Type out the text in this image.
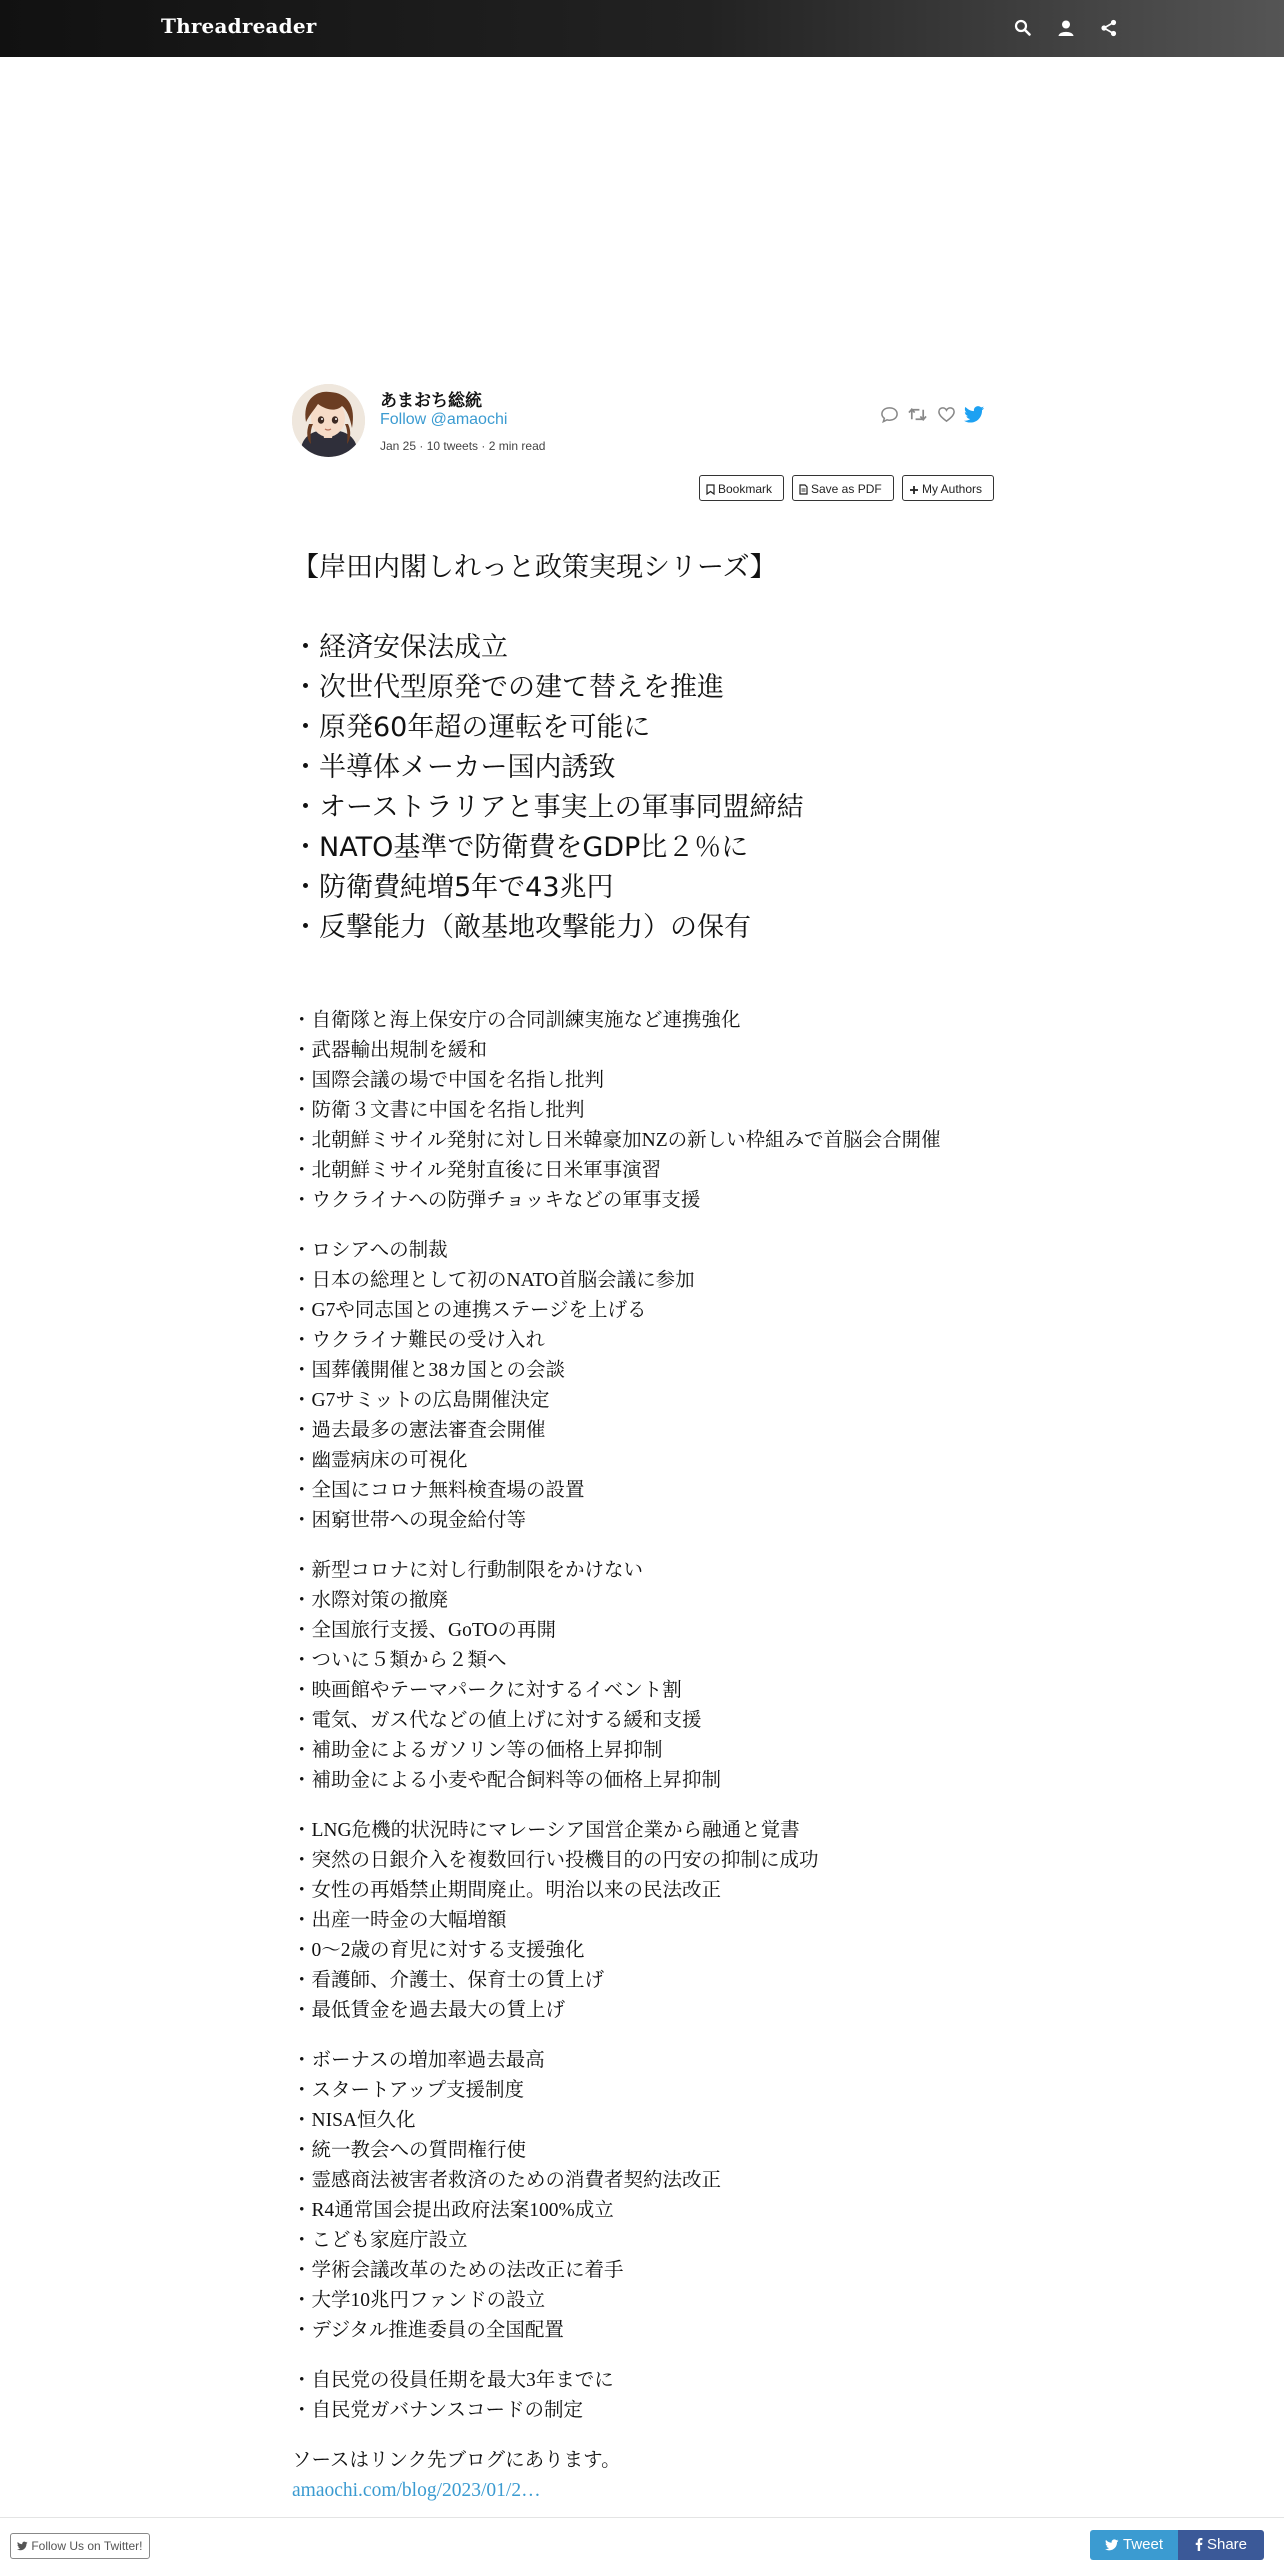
Threadreader
あまおち総統
Follow @amaochi
Jan 25 · 10 tweets · 2 min read

Bookmark	Save as PDF	My Authors
【岸田内閣しれっと政策実現シリーズ】
・経済安保法成立
・次世代型原発での建て替えを推進
・原発60年超の運転を可能に
・半導体メーカー国内誘致
・オーストラリアと事実上の軍事同盟締結
・NATO基準で防衛費をGDP比２％に
・防衛費純増5年で43兆円
・反撃能力（敵基地攻撃能力）の保有
・自衛隊と海上保安庁の合同訓練実施など連携強化
・武器輸出規制を緩和
・国際会議の場で中国を名指し批判
・防衛３文書に中国を名指し批判
・北朝鮮ミサイル発射に対し日米韓豪加NZの新しい枠組みで首脳会合開催
・北朝鮮ミサイル発射直後に日米軍事演習
・ウクライナへの防弾チョッキなどの軍事支援
・ロシアへの制裁
・日本の総理として初のNATO首脳会議に参加
・G7や同志国との連携ステージを上げる
・ウクライナ難民の受け入れ
・国葬儀開催と38カ国との会談
・G7サミットの広島開催決定
・過去最多の憲法審査会開催
・幽霊病床の可視化
・全国にコロナ無料検査場の設置
・困窮世帯への現金給付等
・新型コロナに対し行動制限をかけない
・水際対策の撤廃
・全国旅行支援、GoTOの再開
・ついに５類から２類へ
・映画館やテーマパークに対するイベント割
・電気、ガス代などの値上げに対する緩和支援
・補助金によるガソリン等の価格上昇抑制
・補助金による小麦や配合飼料等の価格上昇抑制
・LNG危機的状況時にマレーシア国営企業から融通と覚書
・突然の日銀介入を複数回行い投機目的の円安の抑制に成功
・女性の再婚禁止期間廃止。明治以来の民法改正
・出産一時金の大幅増額
・0～2歳の育児に対する支援強化
・看護師、介護士、保育士の賃上げ
・最低賃金を過去最大の賃上げ
・ボーナスの増加率過去最高
・スタートアップ支援制度
・NISA恒久化
・統一教会への質問権行使
・霊感商法被害者救済のための消費者契約法改正
・R4通常国会提出政府法案100%成立
・こども家庭庁設立
・学術会議改革のための法改正に着手
・大学10兆円ファンドの設立
・デジタル推進委員の全国配置
・自民党の役員任期を最大3年までに
・自民党ガバナンスコードの制定
ソースはリンク先ブログにあります。
amaochi.com/blog/2023/01/2…
Follow Us on Twitter!	Tweet	Share
